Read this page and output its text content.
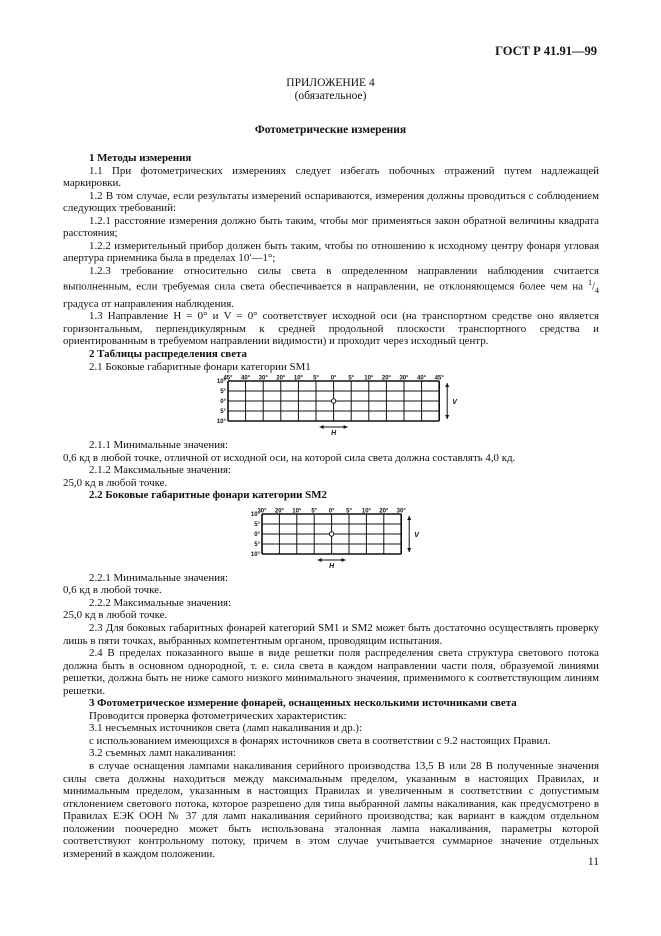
ГОСТ Р 41.91—99
ПРИЛОЖЕНИЕ 4
(обязательное)
Фотометрические измерения

1 Методы измерения

1.1 При фотометрических измерениях следует избегать побочных отражений путем надлежащей маркировки.

1.2 В том случае, если результаты измерений оспариваются, измерения должны проводиться с соблюдением следующих требований:

1.2.1 расстояние измерения должно быть таким, чтобы мог применяться закон обратной величины квадрата расстояния;

1.2.2 измерительный прибор должен быть таким, чтобы по отношению к исходному центру фонаря угловая апертура приемника была в пределах 10′—1°;

1.2.3 требование относительно силы света в определенном направлении наблюдения считается выполненным, если требуемая сила света обеспечивается в направлении, не отклоняющемся более чем на $^1/_4$ градуса от направления наблюдения.

1.3 Направление H = 0° и V = 0° соответствует исходной оси (на транспортном средстве оно является горизонтальным, перпендикулярным к средней продольной плоскости транспортного средства и ориентированным в требуемом направлении видимости) и проходит через исходный центр.

2 Таблицы распределения света

2.1 Боковые габаритные фонари категории SM1

45° 40° 30° 20° 10° 5° 0° 5° 10° 20° 30° 40° 45°
10°
5°
0°
5°
10°
H
V

2.1.1 Минимальные значения:

0,6 кд в любой точке, отличной от исходной оси, на которой сила света должна составлять 4,0 кд.

2.1.2 Максимальные значения:

25,0 кд в любой точке.

2.2 Боковые габаритные фонари категории SM2

30° 20° 10° 5° 0° 5° 10° 20° 30°
10°
5°
0°
5°
10°
H
V

2.2.1 Минимальные значения:

0,6 кд в любой точке.

2.2.2 Максимальные значения:

25,0 кд в любой точке.

2.3 Для боковых габаритных фонарей категорий SM1 и SM2 может быть достаточно осуществлять проверку лишь в пяти точках, выбранных компетентным органом, проводящим испытания.

2.4 В пределах показанного выше в виде решетки поля распределения света структура светового потока должна быть в основном однородной, т. е. сила света в каждом направлении части поля, образуемой линиями решетки, должна быть не ниже самого низкого минимального значения, применимого к соответствующим линиям решетки.

3 Фотометрическое измерение фонарей, оснащенных несколькими источниками света

Проводится проверка фотометрических характеристик:

3.1 несъемных источников света (ламп накаливания и др.):

с использованием имеющихся в фонарях источников света в соответствии с 9.2 настоящих Правил.

3.2 съемных ламп накаливания:

в случае оснащения лампами накаливания серийного производства 13,5 В или 28 В полученные значения силы света должны находиться между максимальным пределом, указанным в настоящих Правилах, и минимальным пределом, указанным в настоящих Правилах и увеличенным в соответствии с допустимым отклонением светового потока, которое разрешено для типа выбранной лампы накаливания, как предусмотрено в Правилах ЕЭК ООН № 37 для ламп накаливания серийного производства; как вариант в каждом отдельном положении поочередно может быть использована эталонная лампа накаливания, параметры которой соответствуют контрольному потоку, причем в этом случае учитывается суммарное значение отдельных измерений в каждом положении.

11
